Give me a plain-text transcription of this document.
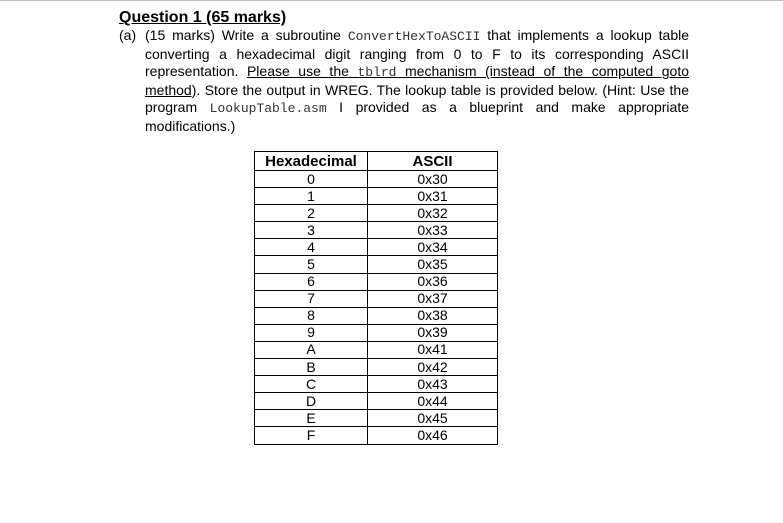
Question 1 (65 marks)
(a) (15 marks) Write a subroutine ConvertHexToASCII that implements a lookup table converting a hexadecimal digit ranging from 0 to F to its corresponding ASCII representation. Please use the tblrd mechanism (instead of the computed goto method). Store the output in WREG. The lookup table is provided below. (Hint: Use the program LookupTable.asm I provided as a blueprint and make appropriate modifications.)
Hexadecimal	ASCII
0	0x30
1	0x31
2	0x32
3	0x33
4	0x34
5	0x35
6	0x36
7	0x37
8	0x38
9	0x39
A	0x41
B	0x42
C	0x43
D	0x44
E	0x45
F	0x46
